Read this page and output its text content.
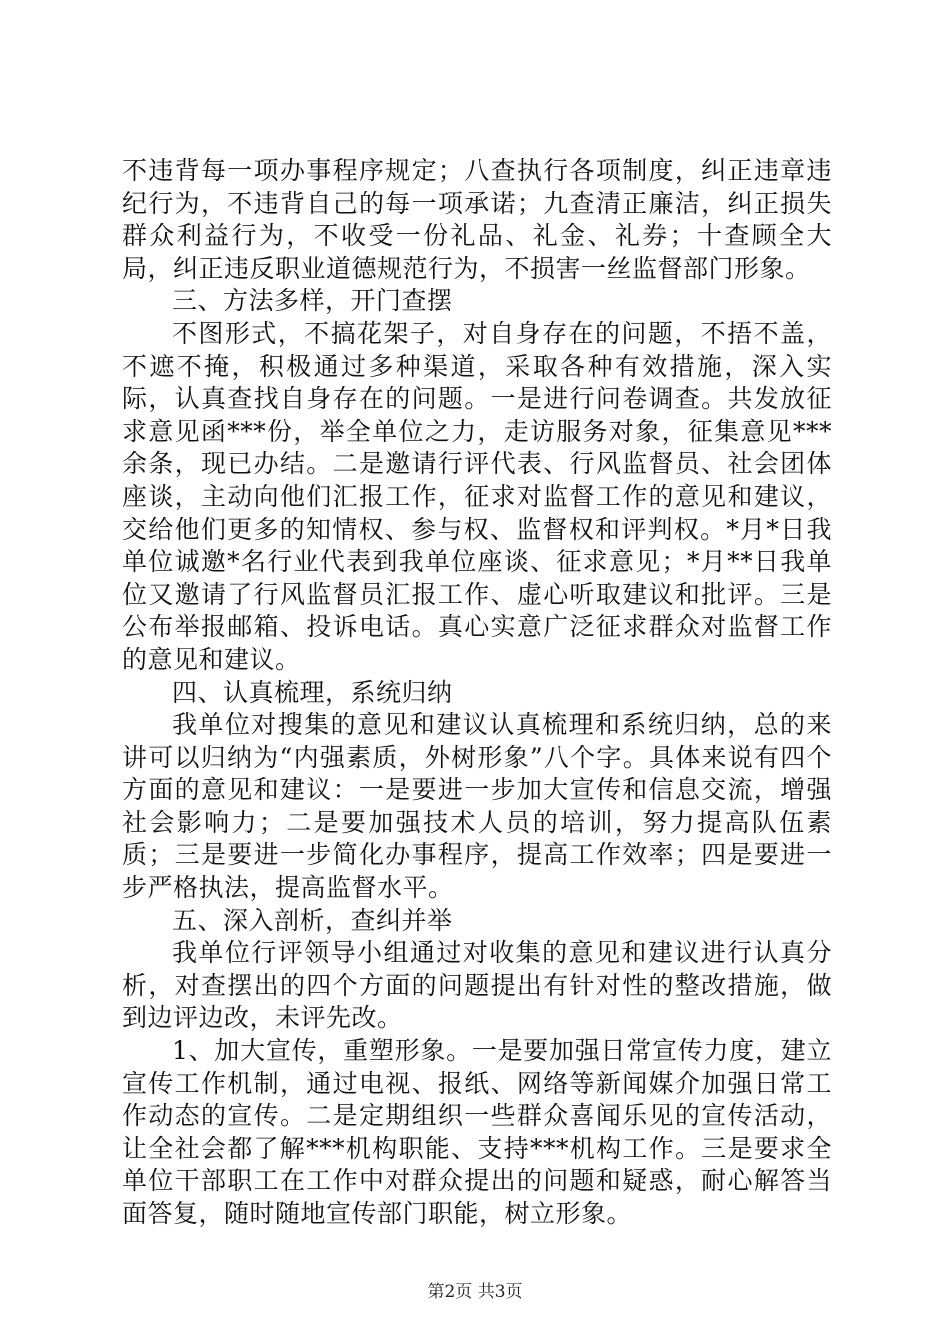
不违背每一项办事程序规定；八查执行各项制度，纠正违章违纪行为，不违背自己的每一项承诺；九查清正廉洁，纠正损失群众利益行为，不收受一份礼品、礼金、礼券；十查顾全大局，纠正违反职业道德规范行为，不损害一丝监督部门形象。

三、方法多样，开门查摆

不图形式，不搞花架子，对自身存在的问题，不捂不盖，不遮不掩，积极通过多种渠道，采取各种有效措施，深入实际，认真查找自身存在的问题。一是进行问卷调查。共发放征求意见函***份，举全单位之力，走访服务对象，征集意见***余条，现已办结。二是邀请行评代表、行风监督员、社会团体座谈，主动向他们汇报工作，征求对监督工作的意见和建议，交给他们更多的知情权、参与权、监督权和评判权。*月*日我单位诚邀*名行业代表到我单位座谈、征求意见；*月**日我单位又邀请了行风监督员汇报工作、虚心听取建议和批评。三是公布举报邮箱、投诉电话。真心实意广泛征求群众对监督工作的意见和建议。

四、认真梳理，系统归纳

我单位对搜集的意见和建议认真梳理和系统归纳，总的来讲可以归纳为“内强素质，外树形象”八个字。具体来说有四个方面的意见和建议：一是要进一步加大宣传和信息交流，增强社会影响力；二是要加强技术人员的培训，努力提高队伍素质；三是要进一步简化办事程序，提高工作效率；四是要进一步严格执法，提高监督水平。

五、深入剖析，查纠并举

我单位行评领导小组通过对收集的意见和建议进行认真分析，对查摆出的四个方面的问题提出有针对性的整改措施，做到边评边改，未评先改。

1、加大宣传，重塑形象。一是要加强日常宣传力度，建立宣传工作机制，通过电视、报纸、网络等新闻媒介加强日常工作动态的宣传。二是定期组织一些群众喜闻乐见的宣传活动，让全社会都了解***机构职能、支持***机构工作。三是要求全单位干部职工在工作中对群众提出的问题和疑惑，耐心解答当面答复，随时随地宣传部门职能，树立形象。

第2页 共3页
